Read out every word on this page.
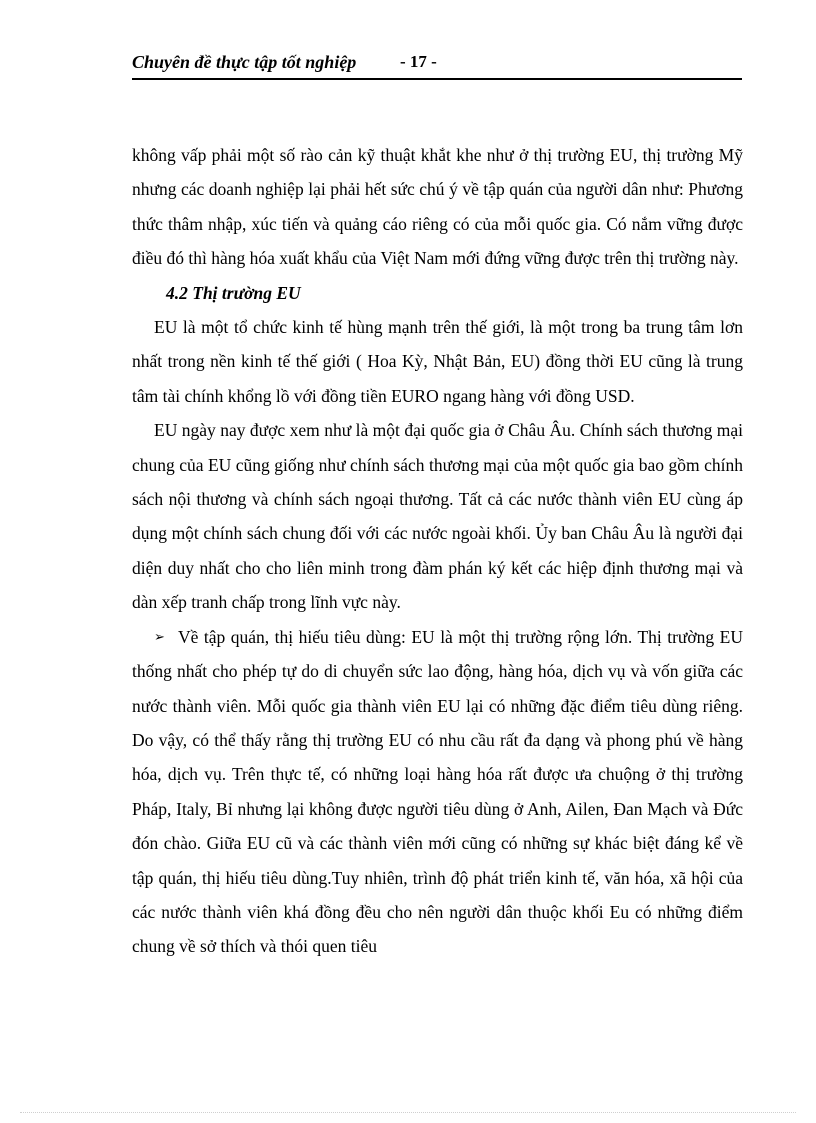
Chuyên đề thực tập tốt nghiệp	- 17 -

không vấp phải một số rào cản kỹ thuật khắt khe như ở thị trường EU, thị trường Mỹ nhưng các doanh nghiệp lại phải hết sức chú ý về tập quán của người dân như: Phương thức thâm nhập, xúc tiến và quảng cáo riêng có của mỗi quốc gia. Có nắm vững được điều đó thì hàng hóa xuất khẩu của Việt Nam mới đứng vững được trên thị trường này.

4.2 Thị trường EU

EU là một tổ chức kinh tế hùng mạnh trên thế giới, là một trong ba trung tâm lơn nhất trong nền kinh tế thế giới ( Hoa Kỳ, Nhật Bản, EU) đồng thời EU cũng là trung tâm tài chính khổng lồ với đồng tiền EURO ngang hàng với đồng USD.

EU ngày nay được xem như là một đại quốc gia ở Châu Âu. Chính sách thương mại chung của EU cũng giống như chính sách thương mại của một quốc gia bao gồm chính sách nội thương và chính sách ngoại thương. Tất cả các nước thành viên EU cùng áp dụng một chính sách chung đối với các nước ngoài khối. Ủy ban Châu Âu là người đại diện duy nhất cho cho liên minh trong đàm phán ký kết các hiệp định thương mại và dàn xếp tranh chấp trong lĩnh vực này.

➢ Về tập quán, thị hiếu tiêu dùng: EU là một thị trường rộng lớn. Thị trường EU thống nhất cho phép tự do di chuyển sức lao động, hàng hóa, dịch vụ và vốn giữa các nước thành viên. Mỗi quốc gia thành viên EU lại có những đặc điểm tiêu dùng riêng. Do vậy, có thể thấy rằng thị trường EU có nhu cầu rất đa dạng và phong phú về hàng hóa, dịch vụ. Trên thực tế, có những loại hàng hóa rất được ưa chuộng ở thị trường Pháp, Italy, Bỉ nhưng lại không được người tiêu dùng ở Anh, Ailen, Đan Mạch và Đức đón chào. Giữa EU cũ và các thành viên mới cũng có những sự khác biệt đáng kể về tập quán, thị hiếu tiêu dùng.Tuy nhiên, trình độ phát triển kinh tế, văn hóa, xã hội của các nước thành viên khá đồng đều cho nên người dân thuộc khối Eu có những điểm chung về sở thích và thói quen tiêu
